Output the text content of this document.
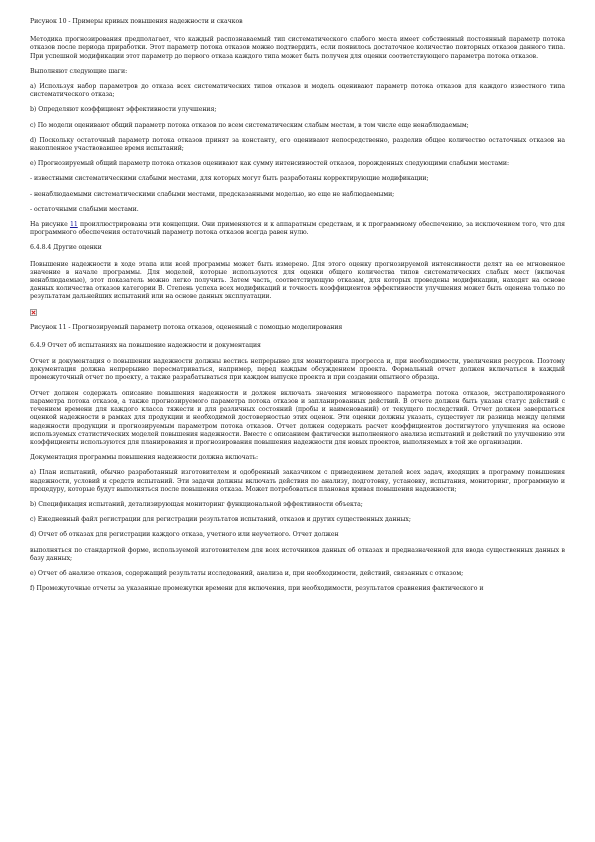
Рисунок 10 - Примеры кривых повышения надежности и скачков

Методика прогнозирования предполагает, что каждый распознаваемый тип систематического слабого места имеет собственный постоянный параметр потока отказов после периода приработки. Этот параметр потока отказов можно подтвердить, если появилось достаточное количество повторных отказов данного типа. При успешной модификации этот параметр до первого отказа каждого типа может быть получен для оценки соответствующего параметра потока отказов.

Выполняют следующие шаги:

a) Используя набор параметров до отказа всех систематических типов отказов и модель оценивают параметр потока отказов для каждого известного типа систематического отказа;

b) Определяют коэффициент эффективности улучшения;

c) По модели оценивают общий параметр потока отказов по всем систематическим слабым местам, в том числе еще ненаблюдаемым;

d) Поскольку остаточный параметр потока отказов принят за константу, его оценивают непосредственно, разделив общее количество остаточных отказов на накопленное участвовавшее время испытаний;

e) Прогнозируемый общий параметр потока отказов оценивают как сумму интенсивностей отказов, порожденных следующими слабыми местами:

- известными систематическими слабыми местами, для которых могут быть разработаны корректирующие модификации;

- ненаблюдаемыми систематическими слабыми местами, предсказанными моделью, но еще не наблюдаемыми;

- остаточными слабыми местами.

На рисунке 11 проиллюстрированы эти концепции. Они применяются и к аппаратным средствам, и к программному обеспечению, за исключением того, что для программного обеспечения остаточный параметр потока отказов всегда равен нулю.

6.4.8.4 Другие оценки

Повышение надежности в ходе этапа или всей программы может быть измерено. Для этого оценку прогнозируемой интенсивности делят на ее мгновенное значение в начале программы. Для моделей, которые используются для оценки общего количества типов систематических слабых мест (включая ненаблюдаемые), этот показатель можно легко получить. Затем часть, соответствующую отказам, для которых проведены модификации, находят на основе данных количества отказов категории B. Степень успеха всех модификаций и точность коэффициентов эффективности улучшения может быть оценена только по результатам дальнейших испытаний или на основе данных эксплуатации.

Рисунок 11 - Прогнозируемый параметр потока отказов, оцененный с помощью моделирования

6.4.9 Отчет об испытаниях на повышение надежности и документация

Отчет и документация о повышении надежности должны вестись непрерывно для мониторинга прогресса и, при необходимости, увеличения ресурсов. Поэтому документация должна непрерывно пересматриваться, например, перед каждым обсуждением проекта. Формальный отчет должен включаться в каждый промежуточный отчет по проекту, а также разрабатываться при каждом выпуске проекта и при создании опытного образца.

Отчет должен содержать описание повышения надежности и должен включать значения мгновенного параметра потока отказов, экстраполированного параметра потока отказов, а также прогнозируемого параметра потока отказов и запланированных действий. В отчете должен быть указан статус действий с течением времени для каждого класса тяжести и для различных состояний (пробы и наименований) от текущего последствий. Отчет должен завершаться оценкой надежности в рамках для продукции и необходимой достоверностью этих оценок. Эти оценки должны указать, существует ли разница между целями надежности продукции и прогнозируемым параметром потока отказов. Отчет должен содержать расчет коэффициентов достигнутого улучшения на основе используемых статистических моделей повышения надежности. Вместе с описанием фактически выполненного анализа испытаний и действий по улучшению эти коэффициенты используются для планирования и прогнозирования повышения надежности для новых проектов, выполняемых в той же организации.

Документация программы повышения надежности должна включать:

a) План испытаний, обычно разработанный изготовителем и одобренный заказчиком с приведением деталей всех задач, входящих в программу повышения надежности, условий и средств испытаний. Эти задачи должны включать действия по анализу, подготовку, установку, испытания, мониторинг, программную и процедуру, которые будут выполняться после повышения отказа. Может потребоваться плановая кривая повышения надежности;

b) Спецификация испытаний, детализирующая мониторинг функциональной эффективности объекта;

c) Ежедневный файл регистрации для регистрации результатов испытаний, отказов и других существенных данных;

d) Отчет об отказах для регистрации каждого отказа, учетного или неучетного. Отчет должен

выполняться по стандартной форме, используемой изготовителем для всех источников данных об отказах и предназначенной для ввода существенных данных в базу данных;

e) Отчет об анализе отказов, содержащий результаты исследований, анализа и, при необходимости, действий, связанных с отказом;

f) Промежуточные отчеты за указанные промежутки времени для включения, при необходимости, результатов сравнения фактического и
